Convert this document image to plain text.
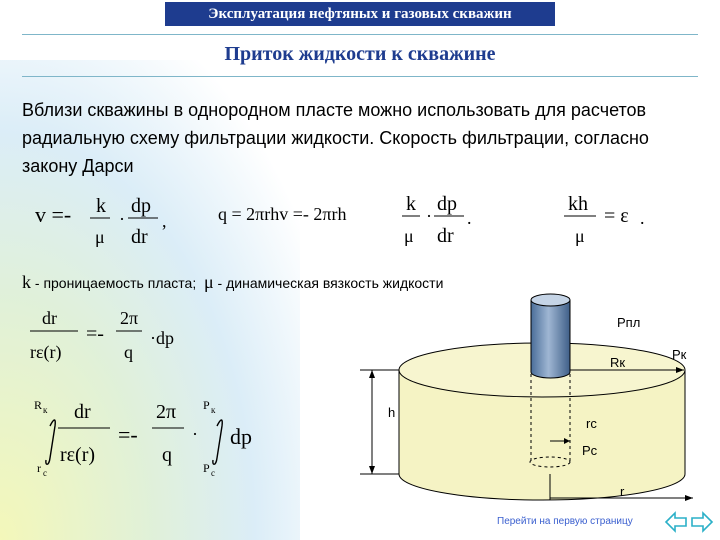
Эксплуатация нефтяных и газовых скважин
Приток жидкости к скважине
Вблизи скважины в однородном пласте можно использовать для расчетов радиальную схему фильтрации жидкости. Скорость фильтрации, согласно закону Дарси
v =- k
μ
·
dp
dr
,	q = 2πrhv =- 2πrh	k
μ
·
dp
dr
.
kh
μ
= ε .
dr
rε(r)
=-
2π
q
·dp
R к
r c
dr
rε(r)
=-
2π
q
·
P к
P c
dp
k - проницаемость пласта; μ - динамическая вязкость жидкости
Рпл
Rк
Рк
h
rc
Рс
r
Перейти на первую страницу
